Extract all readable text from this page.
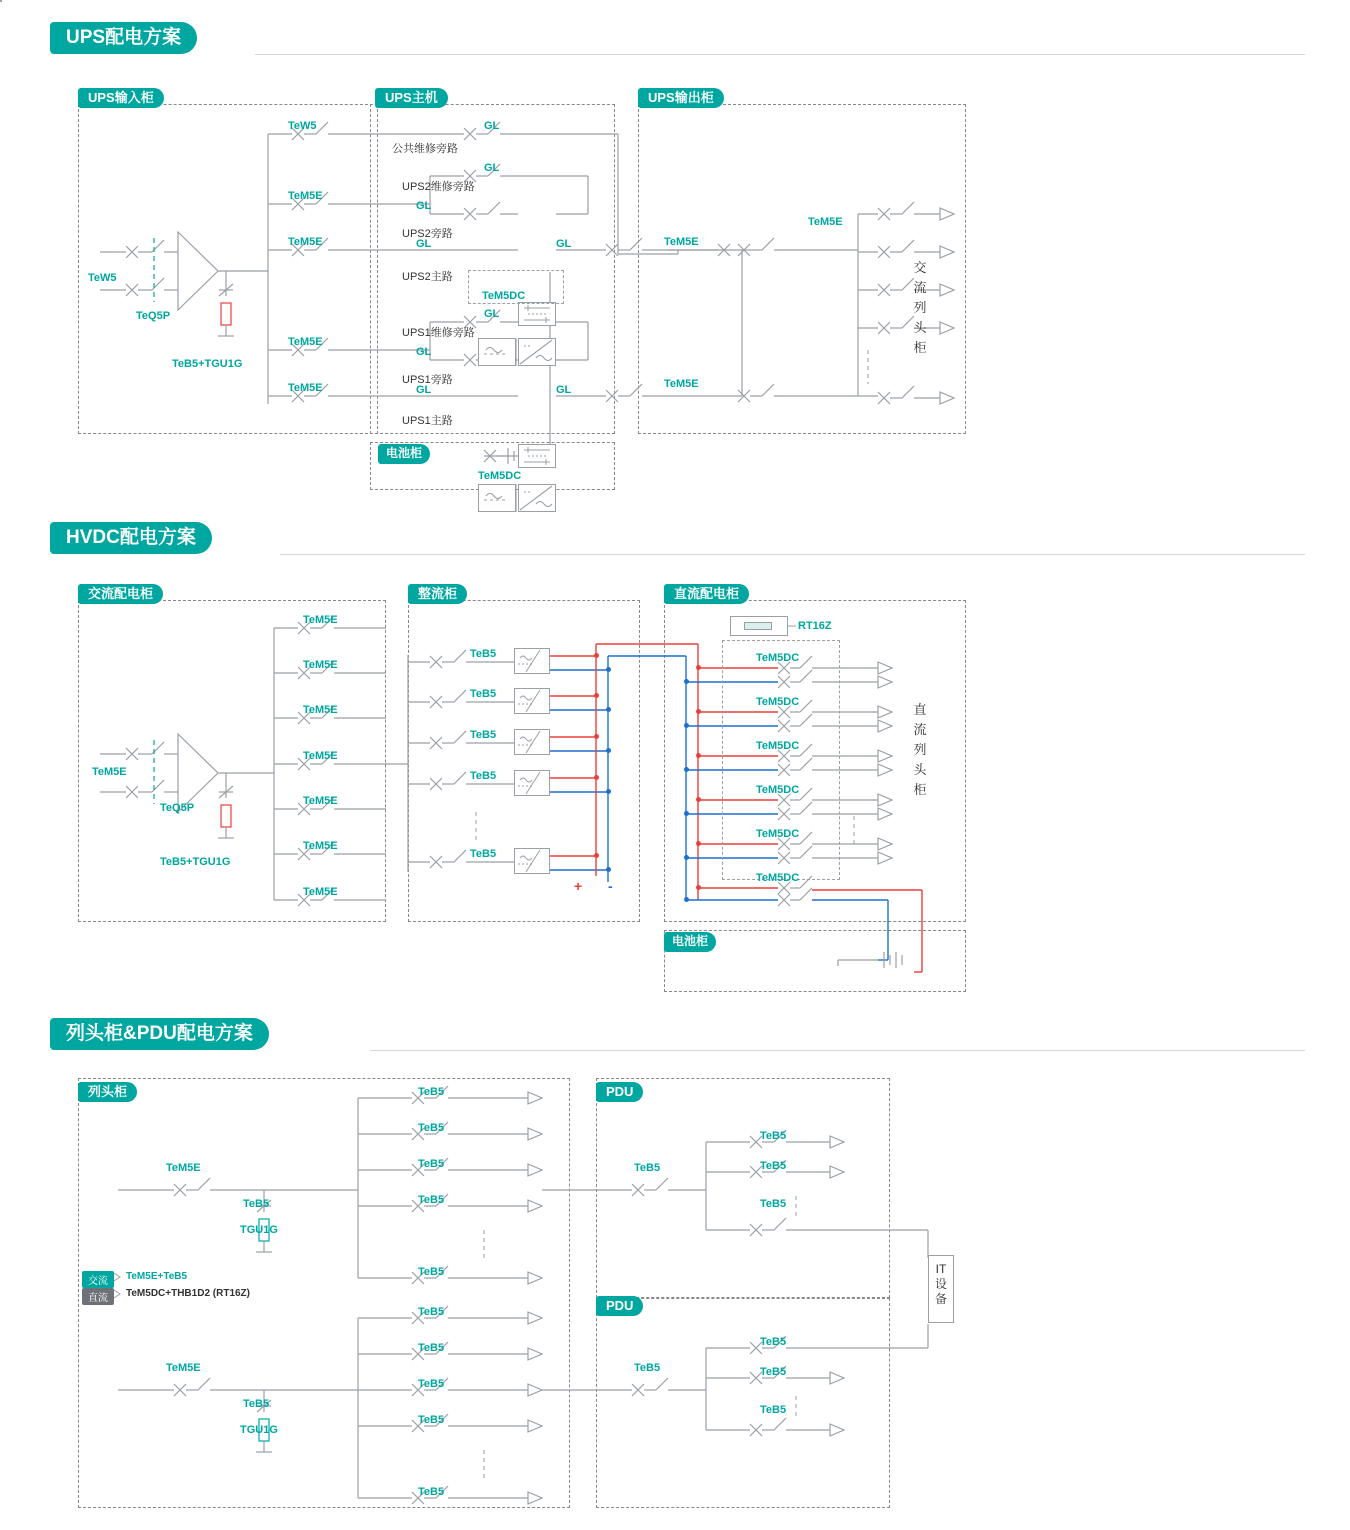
UPS配电方案
UPS输入柜	UPS主机	UPS输出柜
电池柜
TeW5
TeQ5P
TeB5+TGU1G
TeW5
TeM5E
TeM5E
TeM5E
TeM5E
GL
GL
GL
GL	GL
GL
GL
GL	GL
公共维修旁路
UPS2维修旁路
UPS2旁路
UPS2主路
UPS1维修旁路
UPS1旁路
UPS1主路
TeM5DC
TeM5E
TeM5E
TeM5E
TeM5DC
交
流
列
头
柜
HVDC配电方案
交流配电柜	整流柜	直流配电柜
电池柜
RT16Z
TeM5E
TeQ5P
TeB5+TGU1G
TeM5E
TeM5E
TeM5E
TeM5E
TeM5E
TeM5E
TeM5E
TeB5
TeB5
TeB5
TeB5
TeB5
TeM5DC
TeM5DC
TeM5DC
TeM5DC
TeM5DC
TeM5DC
+ -
直
流
列
头
柜
列头柜&PDU配电方案
列头柜	PDU
PDU
IT
设
备
TeM5E
TeB5
TGU1G
TeM5E
TeB5
TGU1G
TeB5
TeB5
TeB5
TeB5
TeB5
TeB5
TeB5
TeB5
TeB5
TeB5
TeB5
TeB5
TeB5
TeB5
TeB5
TeB5
TeB5
TeB5
交流	TeM5E+TeB5
直流	TeM5DC+THB1D2 (RT16Z)
